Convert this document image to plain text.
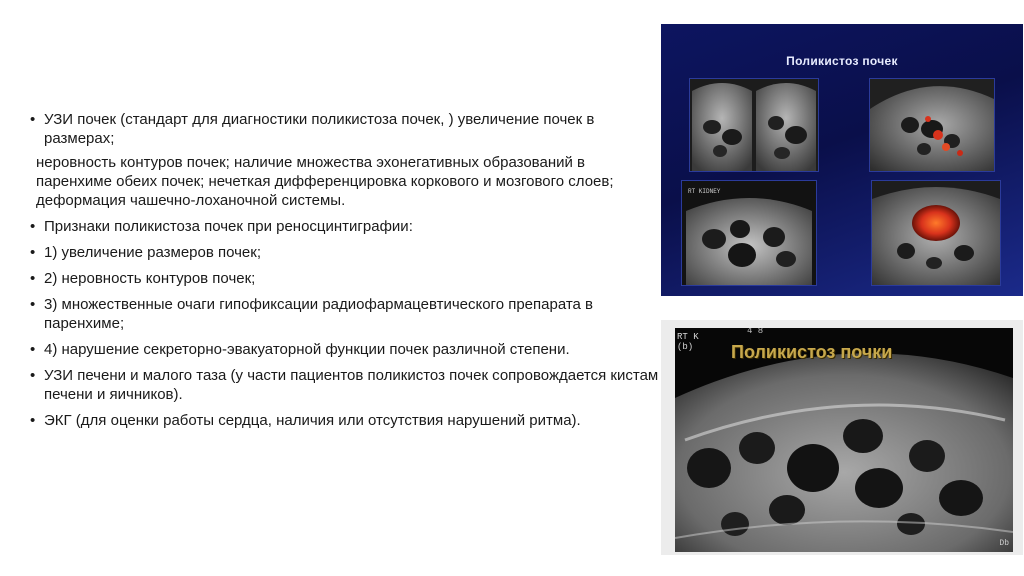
• УЗИ почек (стандарт для диагностики поликистоза почек, ) увеличение почек в размерах;
неровность контуров почек; наличие множества эхонегативных образований в паренхиме обеих почек; нечеткая дифференцировка коркового и мозгового слоев; деформация чашечно-лоханочной системы.
• Признаки поликистоза почек при реносцинтиграфии:
• 1) увеличение размеров почек;
• 2) неровность контуров почек;
• 3) множественные очаги гипофиксации радиофармацевтического препарата в паренхиме;
• 4) нарушение секреторно-эвакуаторной функции почек различной степени.
• УЗИ печени и малого таза (у части пациентов поликистоз почек сопровождается кистам печени и яичников).
• ЭКГ (для оценки работы сердца, наличия или отсутствия нарушений ритма).
Поликистоз почек
RT KIDNEY
4 8
RT K
(b)	Поликистоз почки
Db
